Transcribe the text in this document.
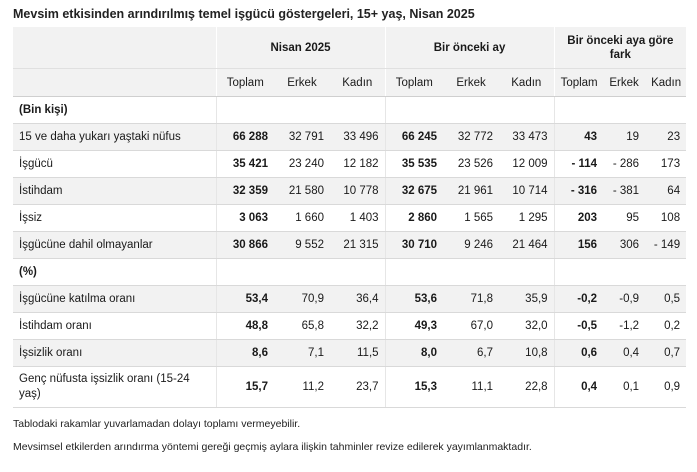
Mevsim etkisinden arındırılmış temel işgücü göstergeleri, 15+ yaş, Nisan 2025
	Nisan 2025			Bir önceki ay			Bir önceki aya göre fark		
	Toplam	Erkek	Kadın	Toplam	Erkek	Kadın	Toplam	Erkek	Kadın
(Bin kişi)									
15 ve daha yukarı yaştaki nüfus	66 288	32 791	33 496	66 245	32 772	33 473	43	19	23
İşgücü	35 421	23 240	12 182	35 535	23 526	12 009	- 114	- 286	173
İstihdam	32 359	21 580	10 778	32 675	21 961	10 714	- 316	- 381	64
İşsiz	3 063	1 660	1 403	2 860	1 565	1 295	203	95	108
İşgücüne dahil olmayanlar	30 866	9 552	21 315	30 710	9 246	21 464	156	306	- 149
(%)									
İşgücüne katılma oranı	53,4	70,9	36,4	53,6	71,8	35,9	-0,2	-0,9	0,5
İstihdam oranı	48,8	65,8	32,2	49,3	67,0	32,0	-0,5	-1,2	0,2
İşsizlik oranı	8,6	7,1	11,5	8,0	6,7	10,8	0,6	0,4	0,7
Genç nüfusta işsizlik oranı (15-24 yaş)	15,7	11,2	23,7	15,3	11,1	22,8	0,4	0,1	0,9
Tablodaki rakamlar yuvarlamadan dolayı toplamı vermeyebilir.
Mevsimsel etkilerden arındırma yöntemi gereği geçmiş aylara ilişkin tahminler revize edilerek yayımlanmaktadır.
